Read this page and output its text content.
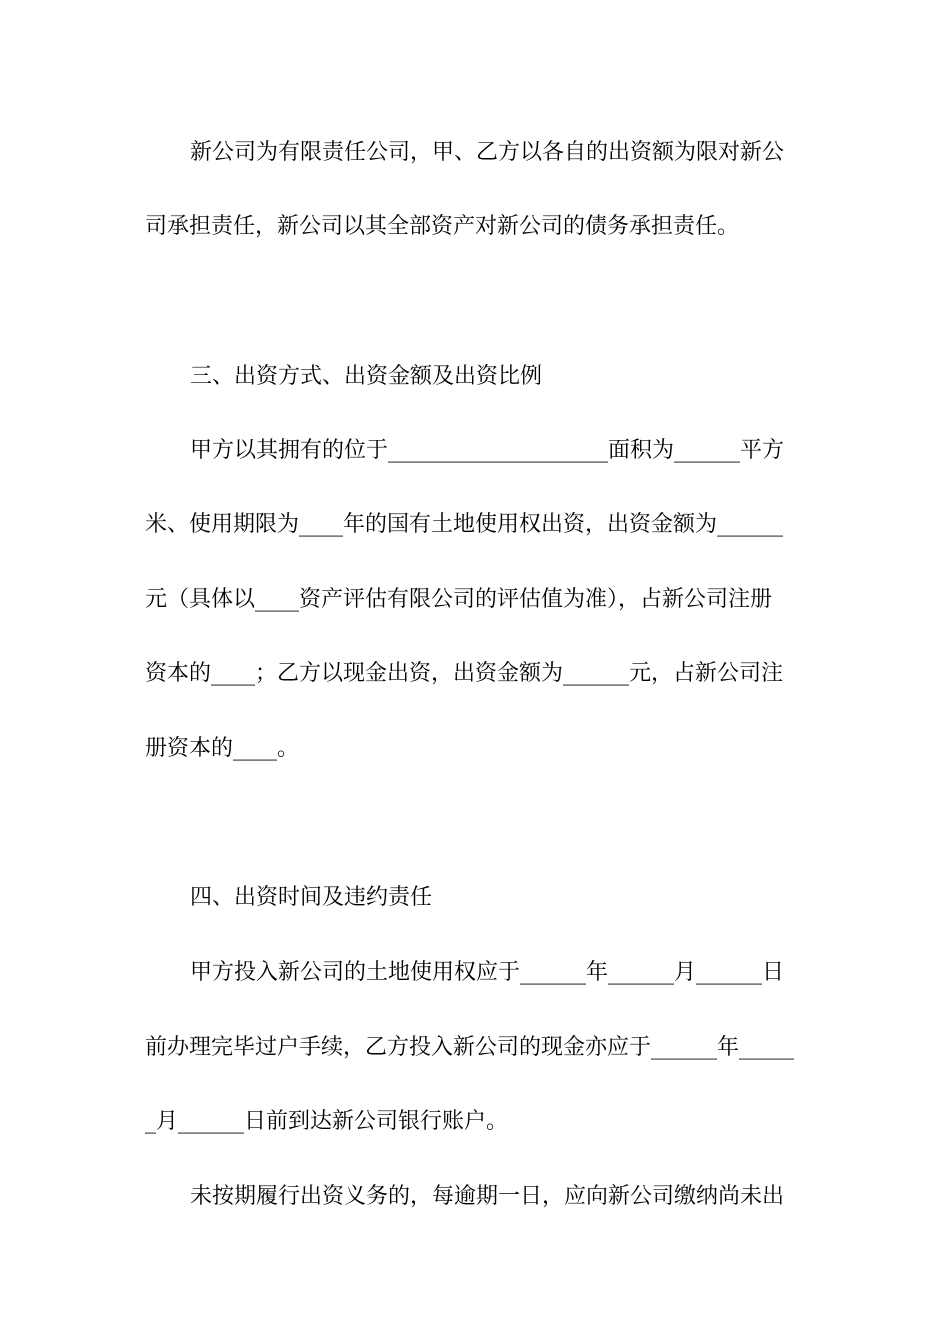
新公司为有限责任公司，甲、乙方以各自的出资额为限对新公
司承担责任，新公司以其全部资产对新公司的债务承担责任。
三、出资方式、出资金额及出资比例
甲方以其拥有的位于____________________面积为______平方
米、使用期限为____年的国有土地使用权出资，出资金额为______
元（具体以____资产评估有限公司的评估值为准），占新公司注册
资本的____；乙方以现金出资，出资金额为______元，占新公司注
册资本的____。
四、出资时间及违约责任
甲方投入新公司的土地使用权应于______年______月______日
前办理完毕过户手续，乙方投入新公司的现金亦应于______年_____
_月______日前到达新公司银行账户。
未按期履行出资义务的，每逾期一日，应向新公司缴纳尚未出
